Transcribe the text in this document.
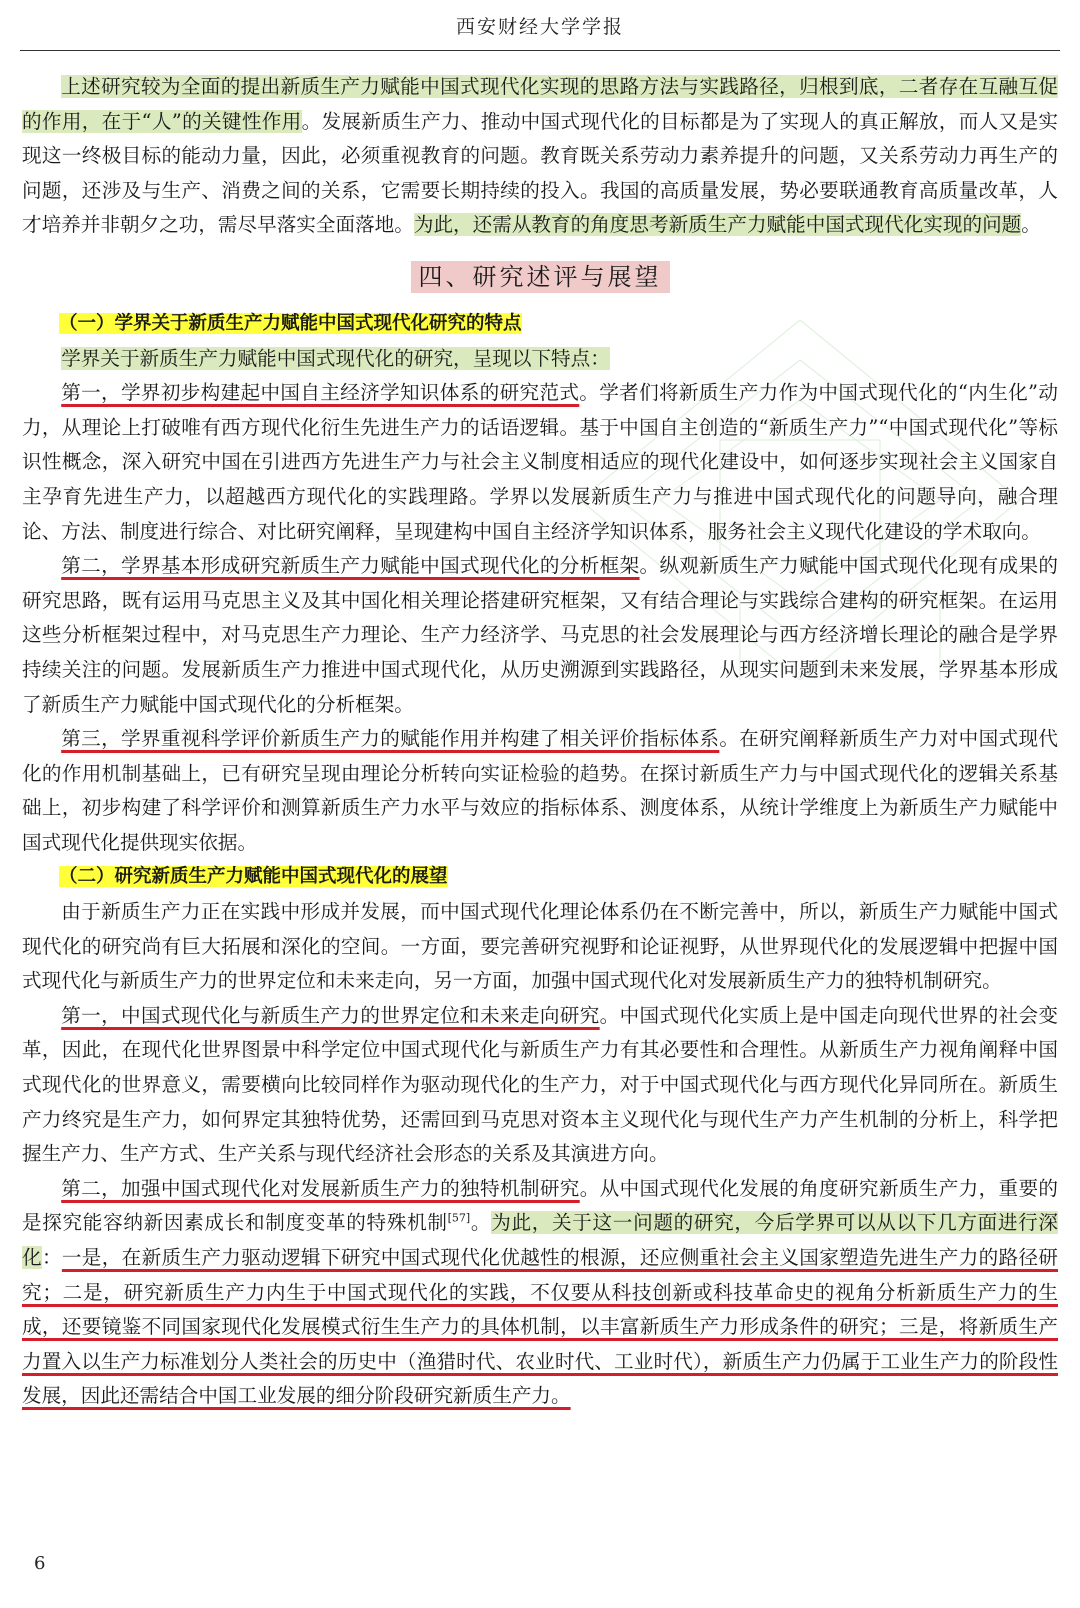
西安财经大学学报

上述研究较为全面的提出新质生产力赋能中国式现代化实现的思路方法与实践路径，归根到底，二者存在互融互促的作用，在于“人”的关键性作用。发展新质生产力、推动中国式现代化的目标都是为了实现人的真正解放，而人又是实现这一终极目标的能动力量，因此，必须重视教育的问题。教育既关系劳动力素养提升的问题，又关系劳动力再生产的问题，还涉及与生产、消费之间的关系，它需要长期持续的投入。我国的高质量发展，势必要联通教育高质量改革，人才培养并非朝夕之功，需尽早落实全面落地。为此，还需从教育的角度思考新质生产力赋能中国式现代化实现的问题。

四、研究述评与展望

（一）学界关于新质生产力赋能中国式现代化研究的特点

学界关于新质生产力赋能中国式现代化的研究，呈现以下特点：

第一，学界初步构建起中国自主经济学知识体系的研究范式。学者们将新质生产力作为中国式现代化的“内生化”动力，从理论上打破唯有西方现代化衍生先进生产力的话语逻辑。基于中国自主创造的“新质生产力”“中国式现代化”等标识性概念，深入研究中国在引进西方先进生产力与社会主义制度相适应的现代化建设中，如何逐步实现社会主义国家自主孕育先进生产力，以超越西方现代化的实践理路。学界以发展新质生产力与推进中国式现代化的问题导向，融合理论、方法、制度进行综合、对比研究阐释，呈现建构中国自主经济学知识体系，服务社会主义现代化建设的学术取向。

第二，学界基本形成研究新质生产力赋能中国式现代化的分析框架。纵观新质生产力赋能中国式现代化现有成果的研究思路，既有运用马克思主义及其中国化相关理论搭建研究框架，又有结合理论与实践综合建构的研究框架。在运用这些分析框架过程中，对马克思生产力理论、生产力经济学、马克思的社会发展理论与西方经济增长理论的融合是学界持续关注的问题。发展新质生产力推进中国式现代化，从历史溯源到实践路径，从现实问题到未来发展，学界基本形成了新质生产力赋能中国式现代化的分析框架。

第三，学界重视科学评价新质生产力的赋能作用并构建了相关评价指标体系。在研究阐释新质生产力对中国式现代化的作用机制基础上，已有研究呈现由理论分析转向实证检验的趋势。在探讨新质生产力与中国式现代化的逻辑关系基础上，初步构建了科学评价和测算新质生产力水平与效应的指标体系、测度体系，从统计学维度上为新质生产力赋能中国式现代化提供现实依据。

（二）研究新质生产力赋能中国式现代化的展望

由于新质生产力正在实践中形成并发展，而中国式现代化理论体系仍在不断完善中，所以，新质生产力赋能中国式现代化的研究尚有巨大拓展和深化的空间。一方面，要完善研究视野和论证视野，从世界现代化的发展逻辑中把握中国式现代化与新质生产力的世界定位和未来走向，另一方面，加强中国式现代化对发展新质生产力的独特机制研究。

第一，中国式现代化与新质生产力的世界定位和未来走向研究。中国式现代化实质上是中国走向现代世界的社会变革，因此，在现代化世界图景中科学定位中国式现代化与新质生产力有其必要性和合理性。从新质生产力视角阐释中国式现代化的世界意义，需要横向比较同样作为驱动现代化的生产力，对于中国式现代化与西方现代化异同所在。新质生产力终究是生产力，如何界定其独特优势，还需回到马克思对资本主义现代化与现代生产力产生机制的分析上，科学把握生产力、生产方式、生产关系与现代经济社会形态的关系及其演进方向。

第二，加强中国式现代化对发展新质生产力的独特机制研究。从中国式现代化发展的角度研究新质生产力，重要的是探究能容纳新因素成长和制度变革的特殊机制[57]。为此，关于这一问题的研究，今后学界可以从以下几方面进行深化：一是，在新质生产力驱动逻辑下研究中国式现代化优越性的根源，还应侧重社会主义国家塑造先进生产力的路径研究；二是，研究新质生产力内生于中国式现代化的实践，不仅要从科技创新或科技革命史的视角分析新质生产力的生成，还要镜鉴不同国家现代化发展模式衍生生产力的具体机制，以丰富新质生产力形成条件的研究；三是，将新质生产力置入以生产力标准划分人类社会的历史中（渔猎时代、农业时代、工业时代），新质生产力仍属于工业生产力的阶段性发展，因此还需结合中国工业发展的细分阶段研究新质生产力。

6
